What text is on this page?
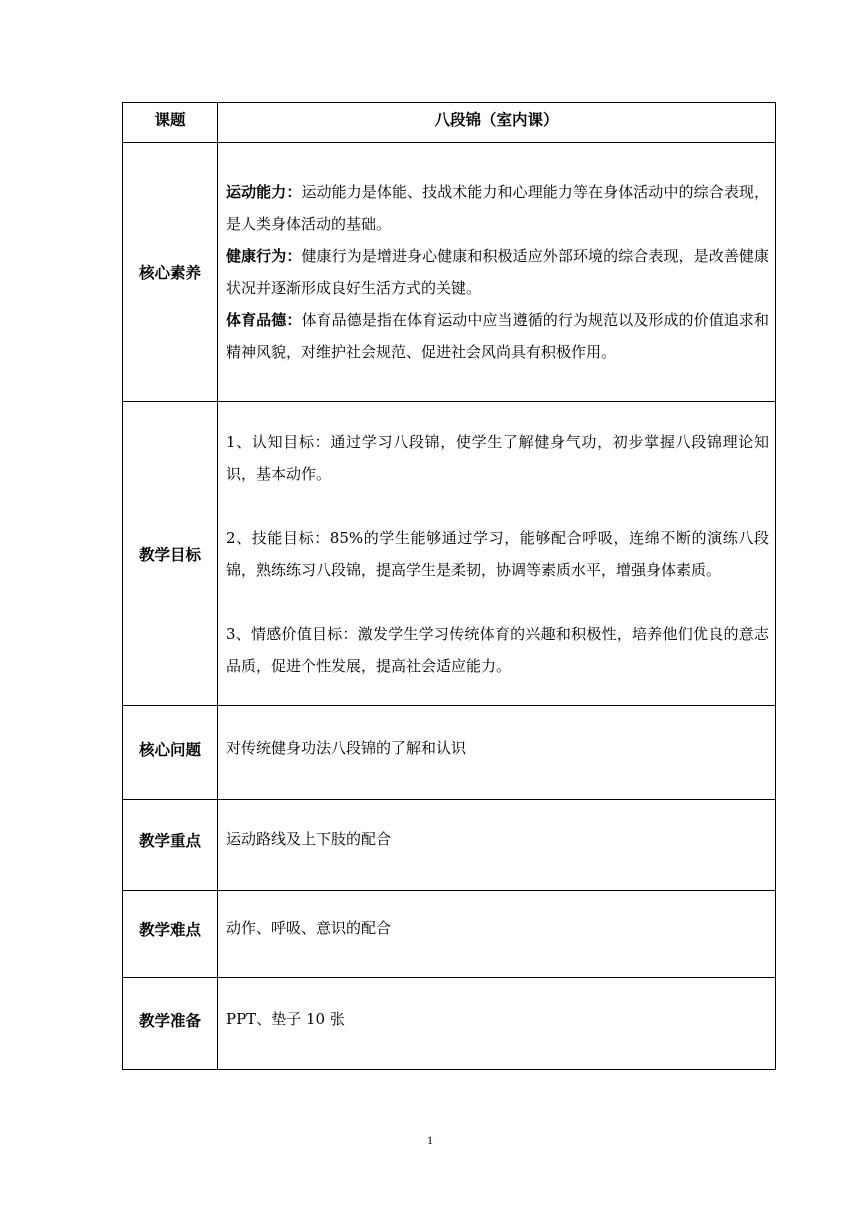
课题	八段锦（室内课）
核心素养	运动能力：运动能力是体能、技战术能力和心理能力等在身体活动中的综合表现，是人类身体活动的基础。

健康行为：健康行为是增进身心健康和积极适应外部环境的综合表现，是改善健康状况并逐渐形成良好生活方式的关键。

体育品德：体育品德是指在体育运动中应当遵循的行为规范以及形成的价值追求和精神风貌，对维护社会规范、促进社会风尚具有积极作用。

教学目标	1、认知目标：通过学习八段锦，使学生了解健身气功，初步掌握八段锦理论知识，基本动作。

2、技能目标：85%的学生能够通过学习，能够配合呼吸，连绵不断的演练八段锦，熟练练习八段锦，提高学生是柔韧，协调等素质水平，增强身体素质。

3、情感价值目标：激发学生学习传统体育的兴趣和积极性，培养他们优良的意志品质，促进个性发展，提高社会适应能力。

核心问题	对传统健身功法八段锦的了解和认识
教学重点	运动路线及上下肢的配合
教学难点	动作、呼吸、意识的配合
教学准备	PPT、垫子 10 张
1
